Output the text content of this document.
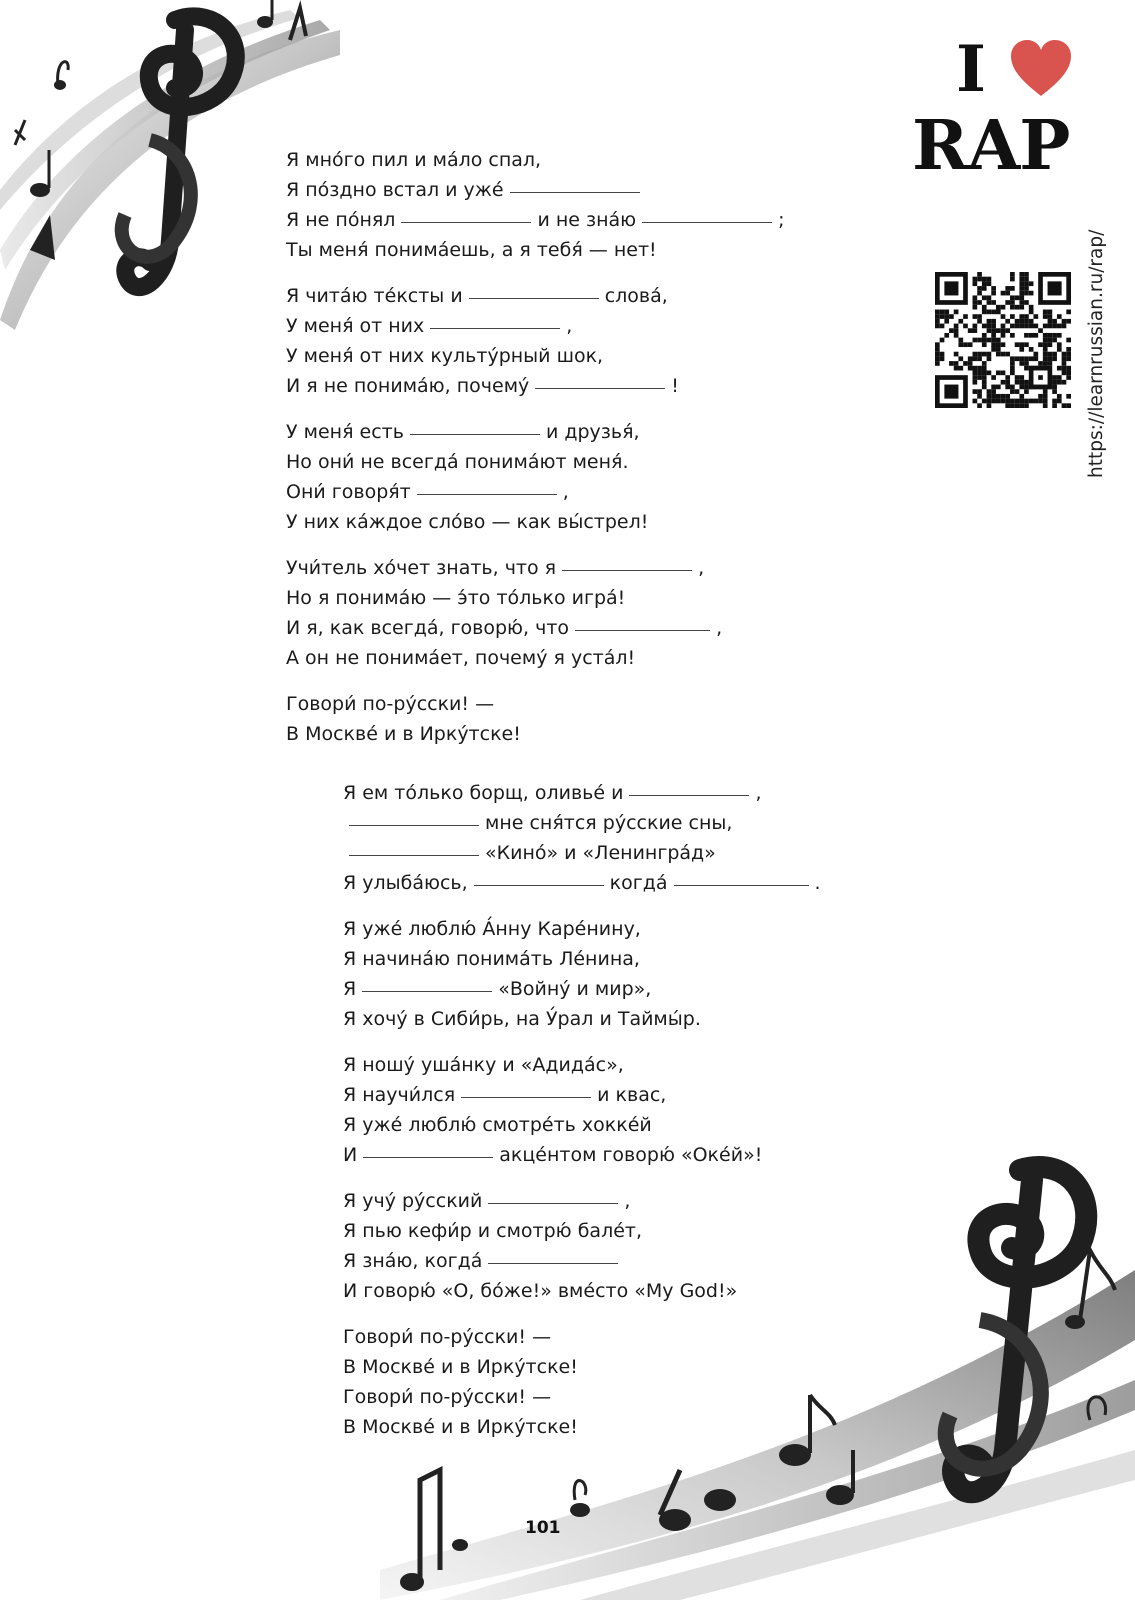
I
RAP
https://learnrussian.ru/rap/

Я мно́го пил и ма́ло спал,

Я по́здно встал и уже́

Я не по́нял	и не зна́ю	;

Ты меня́ понима́ешь, а я тебя́ — нет!

Я чита́ю те́ксты и	слова́,

У меня́ от них	,

У меня́ от них культу́рный шок,

И я не понима́ю, почему́	!

У меня́ есть	и друзья́,

Но они́ не всегда́ понима́ют меня́.

Они́ говоря́т	,

У них ка́ждое сло́во — как вы́стрел!

Учи́тель хо́чет знать, что я	,

Но я понима́ю — э́то то́лько игра́!

И я, как всегда́, говорю́, что	,

А он не понима́ет, почему́ я уста́л!

Говори́ по-ру́сски! —

В Москве́ и в Ирку́тске!

Я ем то́лько борщ, оливье́ и	,

мне сня́тся ру́сские сны,

«Кино́» и «Ленингра́д»

Я улыба́юсь,	когда́	.

Я уже́ люблю́ А́нну Каре́нину,

Я начина́ю понима́ть Ле́нина,

Я	«Войну́ и мир»,

Я хочу́ в Сиби́рь, на У́рал и Таймы́р.

Я ношу́ уша́нку и «Адида́с»,

Я научи́лся	и квас,

Я уже́ люблю́ смотре́ть хокке́й

И	акце́нтом говорю́ «Оке́й»!

Я учу́ ру́сский	,

Я пью кефи́р и смотрю́ бале́т,

Я зна́ю, когда́

И говорю́ «О, бо́же!» вме́сто «My God!»

Говори́ по-ру́сски! —

В Москве́ и в Ирку́тске!

Говори́ по-ру́сски! —

В Москве́ и в Ирку́тске!

101
